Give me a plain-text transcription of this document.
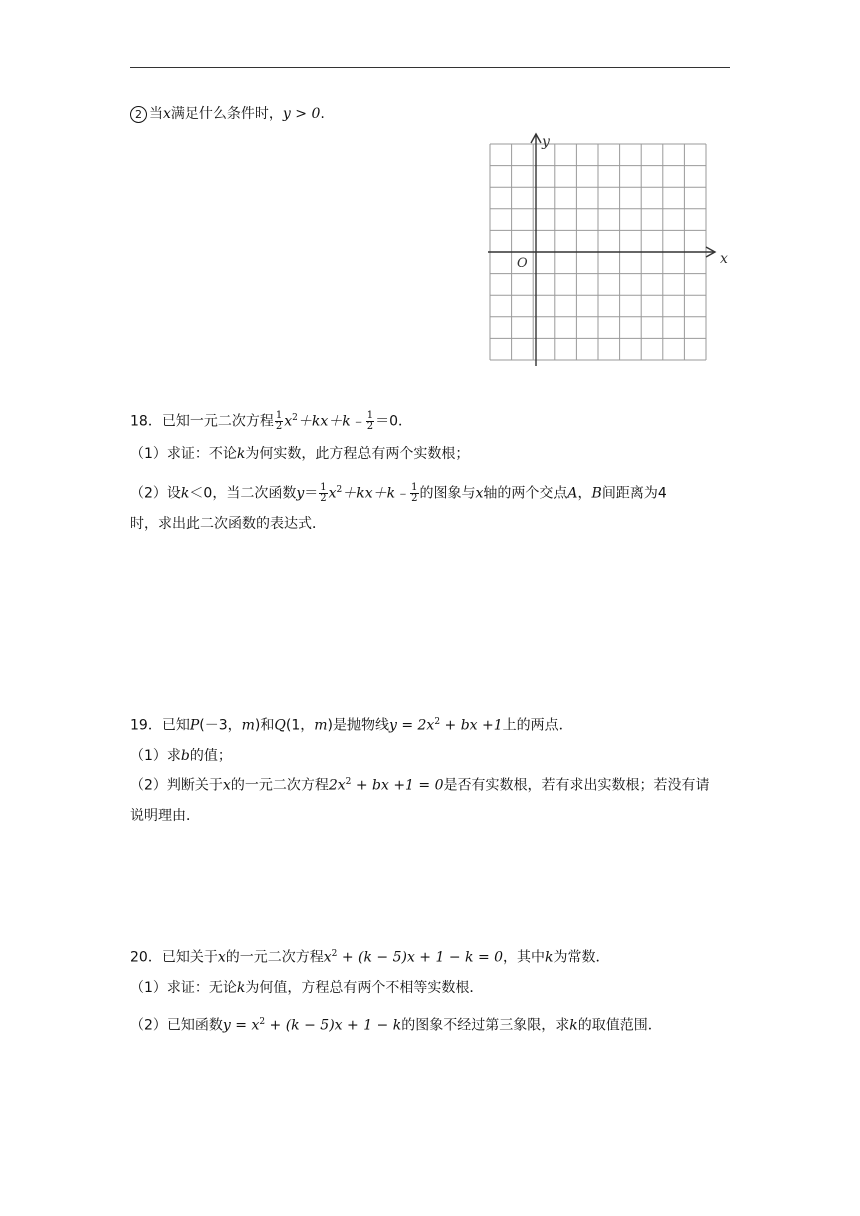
2 当x满足什么条件时，y > 0.
x
y
O
18．已知一元二次方程 $\frac{1}{2}$ $x^2+kx+k﹣ \frac{1}{2} =0$．
（1）求证：不论k为何实数，此方程总有两个实数根；
（2）设k＜0，当二次函数$y= \frac{1}{2}$ $x^2+kx+k﹣ \frac{1}{2}$ 的图象与x轴的两个交点A，B间距离为4
时，求出此二次函数的表达式．
19．已知P(－3，m)和Q(1，m)是抛物线$y = 2x^2$ + bx +1上的两点．
（1）求b的值；
（2）判断关于x的一元二次方程$2x^2$ + bx +1 = 0是否有实数根，若有求出实数根；若没有请
说明理由．
20．已知关于x的一元二次方程$x^2 + (k - 5)x + 1 - k = 0$，其中k为常数．
（1）求证：无论k为何值，方程总有两个不相等实数根．
（2）已知函数$y = x^2 + (k - 5)x + 1 - k$的图象不经过第三象限，求k的取值范围．
